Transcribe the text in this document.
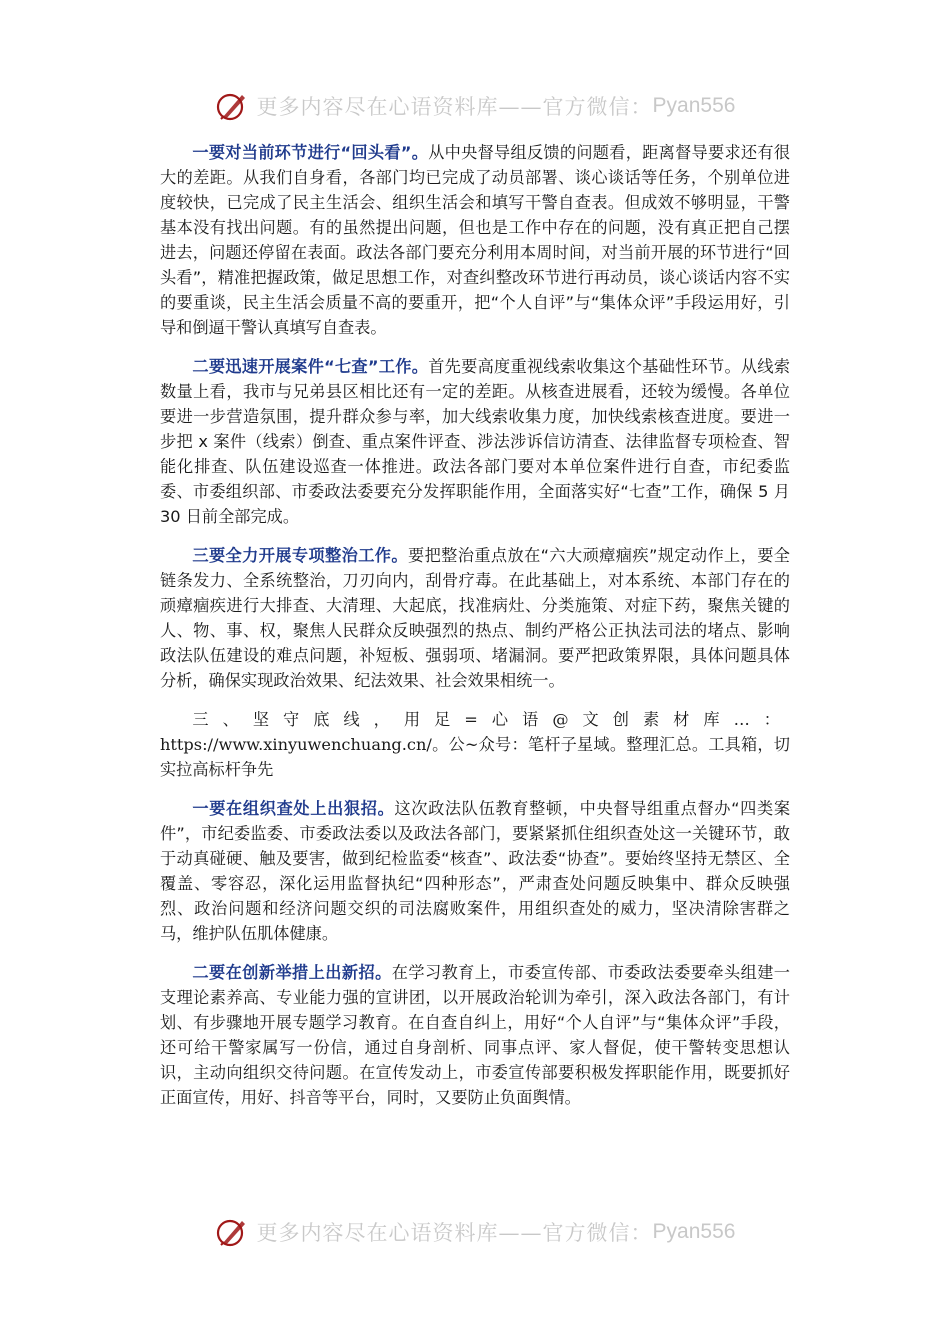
更多内容尽在心语资料库——官方微信： Pyan556

一要对当前环节进行“回头看”。从中央督导组反馈的问题看，距离督导要求还有很大的差距。从我们自身看，各部门均已完成了动员部署、谈心谈话等任务，个别单位进度较快，已完成了民主生活会、组织生活会和填写干警自查表。但成效不够明显，干警基本没有找出问题。有的虽然提出问题，但也是工作中存在的问题，没有真正把自己摆进去，问题还停留在表面。政法各部门要充分利用本周时间，对当前开展的环节进行“回头看”，精准把握政策，做足思想工作，对查纠整改环节进行再动员，谈心谈话内容不实的要重谈，民主生活会质量不高的要重开，把“个人自评”与“集体众评”手段运用好，引导和倒逼干警认真填写自查表。

二要迅速开展案件“七查”工作。首先要高度重视线索收集这个基础性环节。从线索数量上看，我市与兄弟县区相比还有一定的差距。从核查进展看，还较为缓慢。各单位要进一步营造氛围，提升群众参与率，加大线索收集力度，加快线索核查进度。要进一步把 x 案件（线索）倒查、重点案件评查、涉法涉诉信访清查、法律监督专项检查、智能化排查、队伍建设巡查一体推进。政法各部门要对本单位案件进行自查，市纪委监委、市委组织部、市委政法委要充分发挥职能作用，全面落实好“七查”工作，确保 5 月 30 日前全部完成。

三要全力开展专项整治工作。要把整治重点放在“六大顽瘴痼疾”规定动作上，要全链条发力、全系统整治，刀刃向内，刮骨疗毒。在此基础上，对本系统、本部门存在的顽瘴痼疾进行大排查、大清理、大起底，找准病灶、分类施策、对症下药，聚焦关键的人、物、事、权，聚焦人民群众反映强烈的热点、制约严格公正执法司法的堵点、影响政法队伍建设的难点问题，补短板、强弱项、堵漏洞。要严把政策界限，具体问题具体分析，确保实现政治效果、纪法效果、社会效果相统一。

三、坚守底线，用足=心语@文创素材库…：https://www.xinyuwenchuang.cn/。公~众号：笔杆子星域。整理汇总。工具箱，切实拉高标杆争先

一要在组织查处上出狠招。这次政法队伍教育整顿，中央督导组重点督办“四类案件”，市纪委监委、市委政法委以及政法各部门，要紧紧抓住组织查处这一关键环节，敢于动真碰硬、触及要害，做到纪检监委“核查”、政法委“协查”。要始终坚持无禁区、全覆盖、零容忍，深化运用监督执纪“四种形态”，严肃查处问题反映集中、群众反映强烈、政治问题和经济问题交织的司法腐败案件，用组织查处的威力，坚决清除害群之马，维护队伍肌体健康。

二要在创新举措上出新招。在学习教育上，市委宣传部、市委政法委要牵头组建一支理论素养高、专业能力强的宣讲团，以开展政治轮训为牵引，深入政法各部门，有计划、有步骤地开展专题学习教育。在自查自纠上，用好“个人自评”与“集体众评”手段，还可给干警家属写一份信，通过自身剖析、同事点评、家人督促，使干警转变思想认识，主动向组织交待问题。在宣传发动上，市委宣传部要积极发挥职能作用，既要抓好正面宣传，用好、抖音等平台，同时，又要防止负面舆情。

更多内容尽在心语资料库——官方微信： Pyan556
